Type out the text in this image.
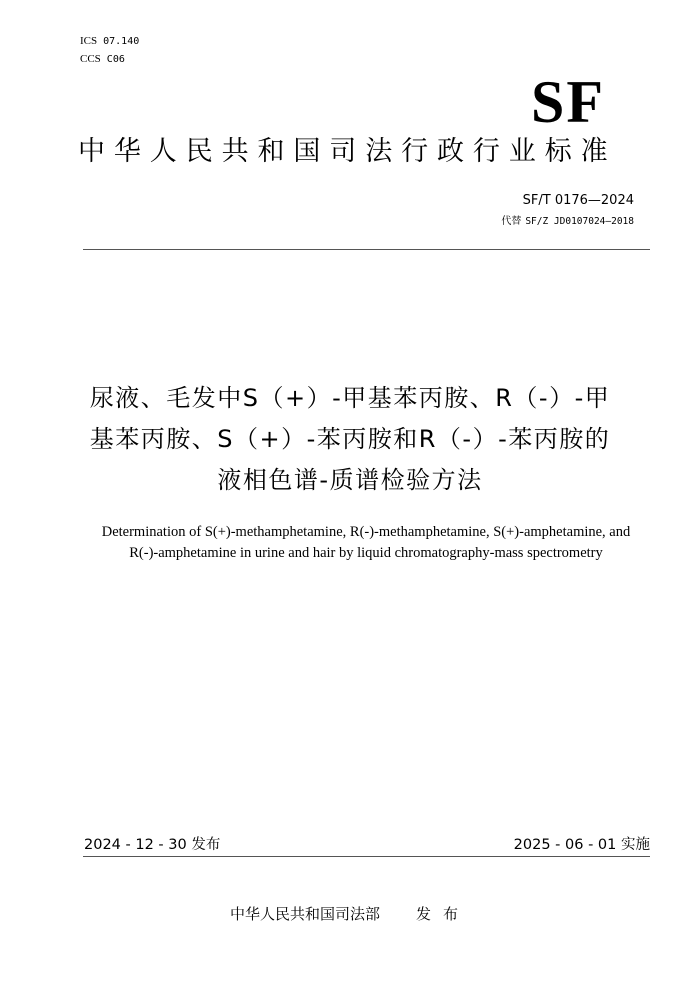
ICS 07.140
CCS C06
SF
中华人民共和国司法行政行业标准
SF/T 0176—2024
代替 SF/Z JD0107024—2018
尿液、毛发中S（+）-甲基苯丙胺、R（-）-甲基苯丙胺、S（+）-苯丙胺和R（-）-苯丙胺的液相色谱-质谱检验方法
Determination of S(+)-methamphetamine, R(-)-methamphetamine, S(+)-amphetamine, and R(-)-amphetamine in urine and hair by liquid chromatography-mass spectrometry
2024 - 12 - 30 发布	2025 - 06 - 01 实施
中华人民共和国司法部 发布
